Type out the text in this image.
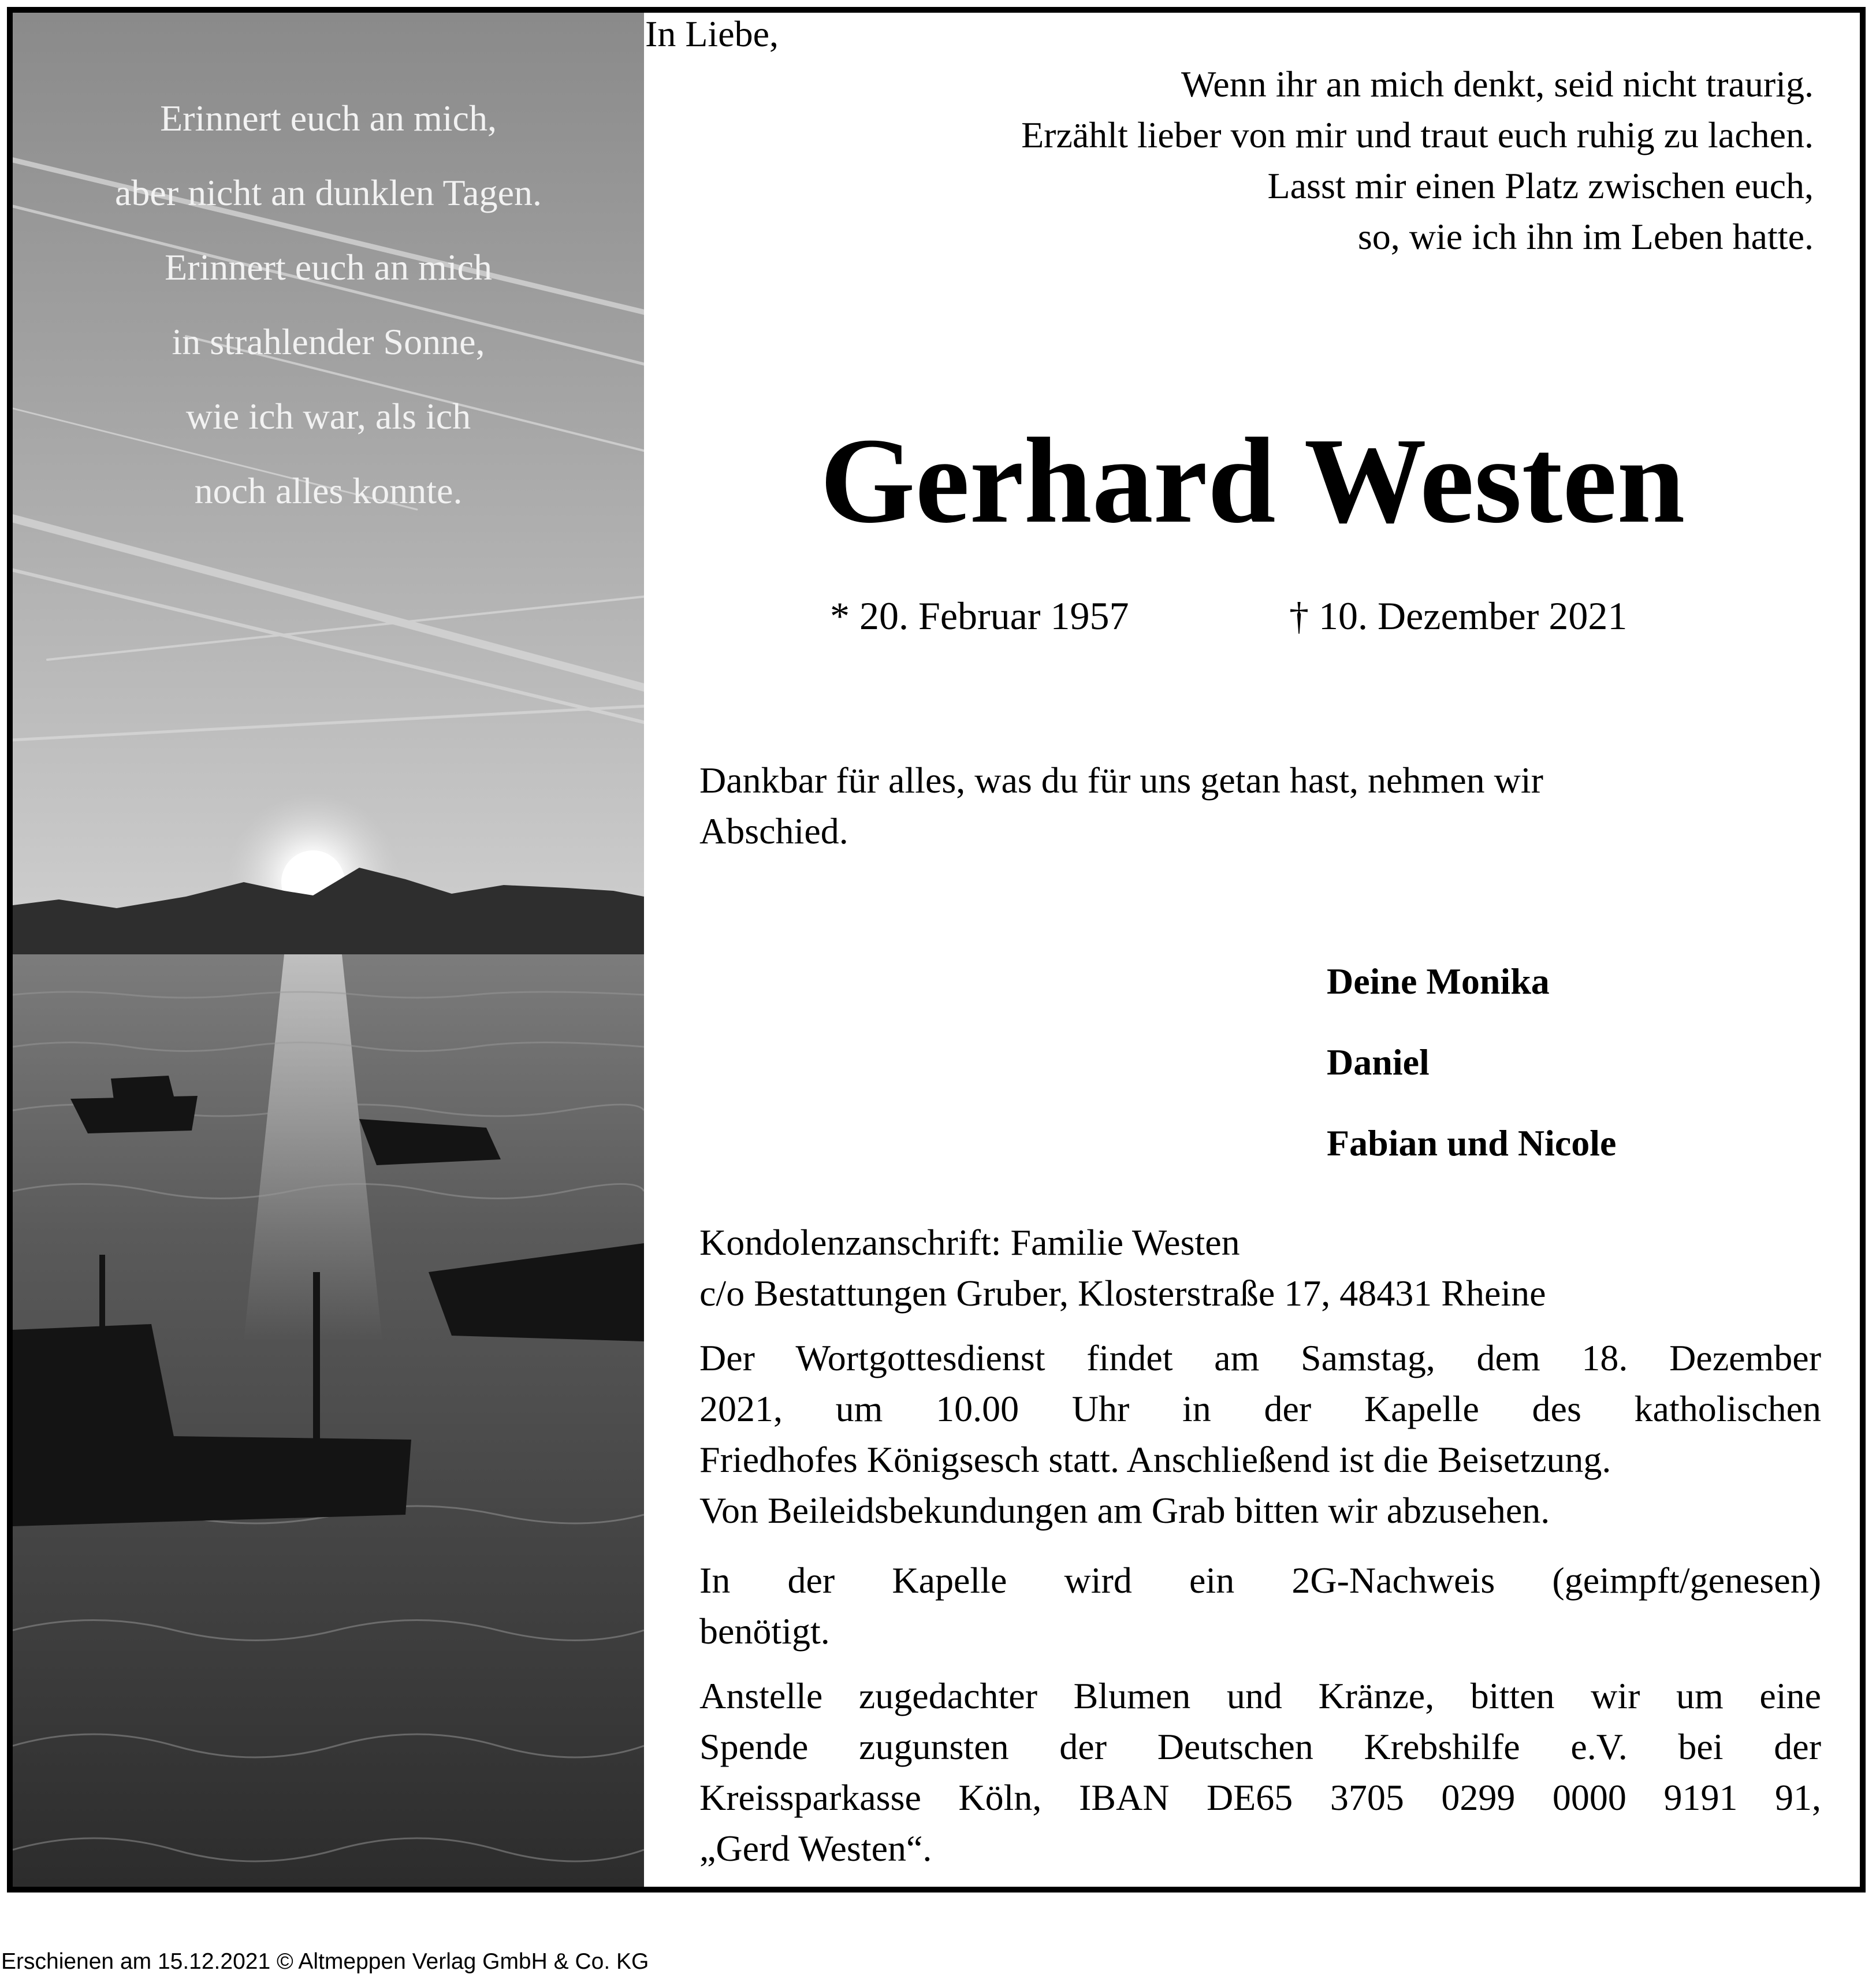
Erinnert euch an mich,
aber nicht an dunklen Tagen.
Erinnert euch an mich
in strahlender Sonne,
wie ich war, als ich
noch alles konnte.
Wenn ihr an mich denkt, seid nicht traurig.
Erzählt lieber von mir und traut euch ruhig zu lachen.
Lasst mir einen Platz zwischen euch,
so, wie ich ihn im Leben hatte.
Gerhard Westen
* 20. Februar 1957	† 10. Dezember 2021
Dankbar für alles, was du für uns getan hast, nehmen wir
Abschied.
In Liebe,
Deine Monika
Daniel
Fabian und Nicole
Kondolenzanschrift: Familie Westen
c/o Bestattungen Gruber, Klosterstraße 17, 48431 Rheine
Der Wortgottesdienst findet am Samstag, dem 18. Dezember
2021, um 10.00 Uhr in der Kapelle des katholischen
Friedhofes Königsesch statt. Anschließend ist die Beisetzung.
Von Beileidsbekundungen am Grab bitten wir abzusehen.
In der Kapelle wird ein 2G-Nachweis (geimpft/genesen)
benötigt.
Anstelle zugedachter Blumen und Kränze, bitten wir um eine
Spende zugunsten der Deutschen Krebshilfe e.V. bei der
Kreissparkasse Köln, IBAN DE65 3705 0299 0000 9191 91,
„Gerd Westen“.
Erschienen am 15.12.2021 © Altmeppen Verlag GmbH & Co. KG
